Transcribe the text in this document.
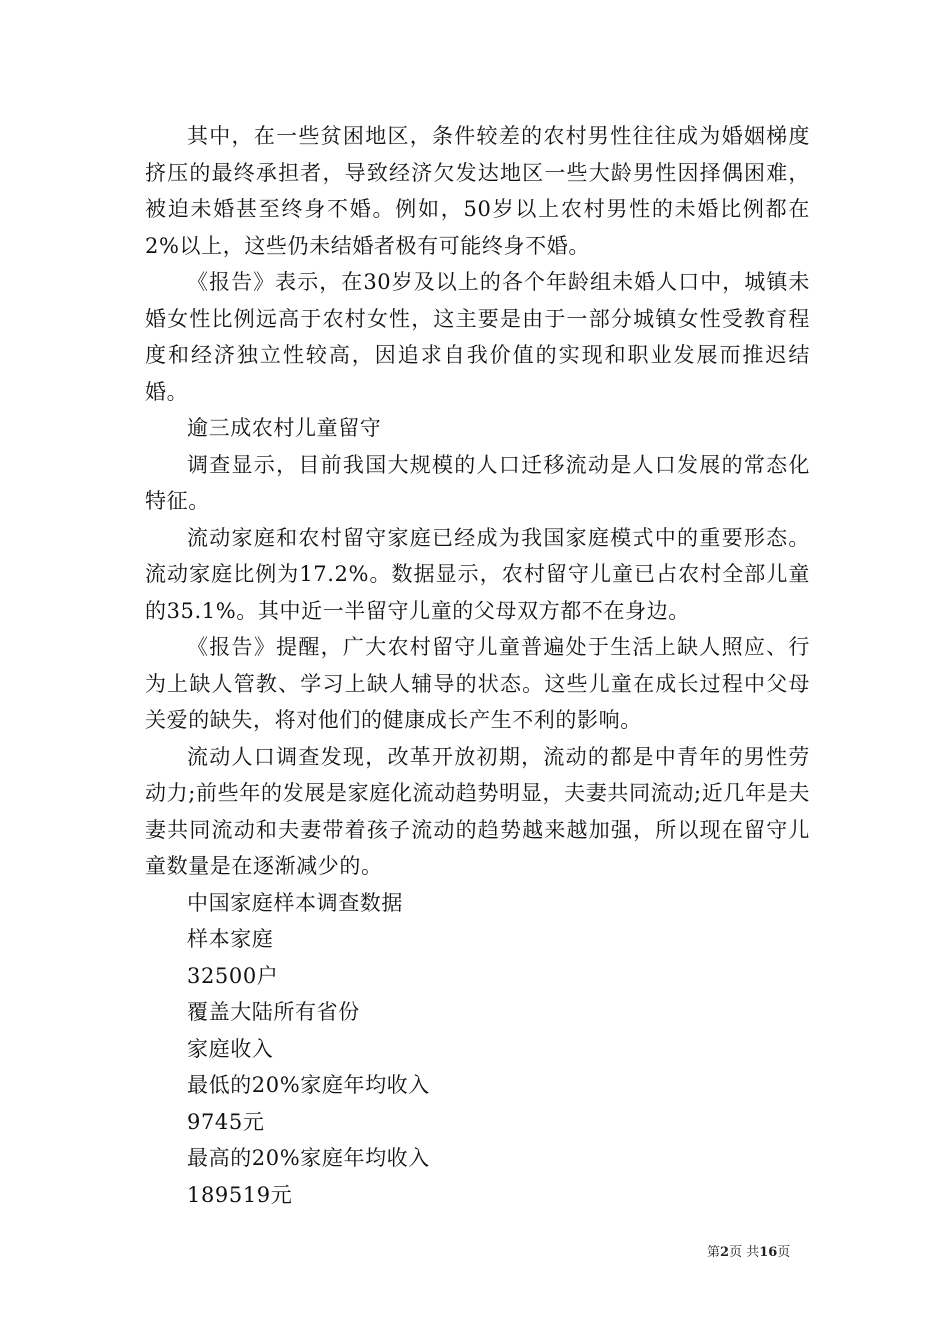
其中，在一些贫困地区，条件较差的农村男性往往成为婚姻梯度挤压的最终承担者，导致经济欠发达地区一些大龄男性因择偶困难，被迫未婚甚至终身不婚。例如，50岁以上农村男性的未婚比例都在2%以上，这些仍未结婚者极有可能终身不婚。

《报告》表示，在30岁及以上的各个年龄组未婚人口中，城镇未婚女性比例远高于农村女性，这主要是由于一部分城镇女性受教育程度和经济独立性较高，因追求自我价值的实现和职业发展而推迟结婚。

逾三成农村儿童留守

调查显示，目前我国大规模的人口迁移流动是人口发展的常态化特征。

流动家庭和农村留守家庭已经成为我国家庭模式中的重要形态。流动家庭比例为17.2%。数据显示，农村留守儿童已占农村全部儿童的35.1%。其中近一半留守儿童的父母双方都不在身边。

《报告》提醒，广大农村留守儿童普遍处于生活上缺人照应、行为上缺人管教、学习上缺人辅导的状态。这些儿童在成长过程中父母关爱的缺失，将对他们的健康成长产生不利的影响。

流动人口调查发现，改革开放初期，流动的都是中青年的男性劳动力;前些年的发展是家庭化流动趋势明显，夫妻共同流动;近几年是夫妻共同流动和夫妻带着孩子流动的趋势越来越加强，所以现在留守儿童数量是在逐渐减少的。

中国家庭样本调查数据

样本家庭

32500户

覆盖大陆所有省份

家庭收入

最低的20%家庭年均收入

9745元

最高的20%家庭年均收入

189519元

第2页 共16页
